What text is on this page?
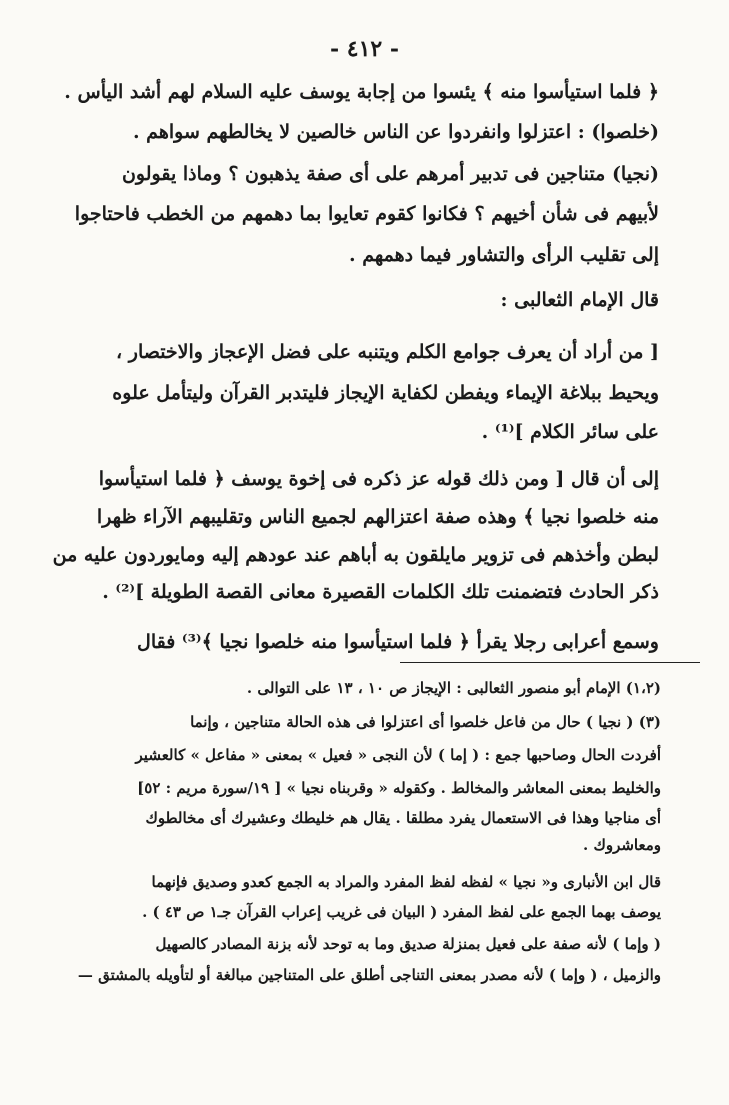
- ٤١٢ -
﴿ فلما استيأسوا منه ﴾ يئسوا من إجابة يوسف عليه السلام لهم أشد اليأس .
(خلصوا) : اعتزلوا وانفردوا عن الناس خالصين لا يخالطهم سواهم .
(نجيا) متناجين فى تدبير أمرهم على أى صفة يذهبون ؟ وماذا يقولون
لأبيهم فى شأن أخيهم ؟ فكانوا كقوم تعايوا بما دهمهم من الخطب فاحتاجوا
إلى تقليب الرأى والتشاور فيما دهمهم .
قال الإمام الثعالبى :
[ من أراد أن يعرف جوامع الكلم ويتنبه على فضل الإعجاز والاختصار ،
ويحيط ببلاغة الإيماء ويفطن لكفاية الإيجاز فليتدبر القرآن وليتأمل علوه
على سائر الكلام ]⁽¹⁾ .
إلى أن قال [ ومن ذلك قوله عز ذكره فى إخوة يوسف ﴿ فلما استيأسوا
منه خلصوا نجيا ﴾ وهذه صفة اعتزالهم لجميع الناس وتقليبهم الآراء ظهرا
لبطن وأخذهم فى تزوير مايلقون به أباهم عند عودهم إليه ومايوردون عليه من
ذكر الحادث فتضمنت تلك الكلمات القصيرة معانى القصة الطويلة ]⁽²⁾ .
وسمع أعرابى رجلا يقرأ ﴿ فلما استيأسوا منه خلصوا نجيا ﴾⁽³⁾ فقال
(١،٢) الإمام أبو منصور الثعالبى : الإيجاز ص ١٠ ، ١٣ على التوالى .
(٣) ( نجيا ) حال من فاعل خلصوا أى اعتزلوا فى هذه الحالة متناجين ، وإنما
أفردت الحال وصاحبها جمع : ( إما ) لأن النجى « فعيل » بمعنى « مفاعل » كالعشير
والخليط بمعنى المعاشر والمخالط . وكقوله « وقربناه نجيا » [ ١٩/سورة مريم : ٥٢]
أى مناجيا وهذا فى الاستعمال يفرد مطلقا . يقال هم خليطك وعشيرك أى مخالطوك
ومعاشروك .
قال ابن الأنبارى و« نجيا » لفظه لفظ المفرد والمراد به الجمع كعدو وصديق فإنهما
يوصف بهما الجمع على لفظ المفرد ( البيان فى غريب إعراب القرآن جـ١ ص ٤٣ ) .
( وإما ) لأنه صفة على فعيل بمنزلة صديق وما به توحد لأنه بزنة المصادر كالصهيل
والزميل ، ( وإما ) لأنه مصدر بمعنى التناجى أطلق على المتناجين مبالغة أو لتأويله بالمشتق —
